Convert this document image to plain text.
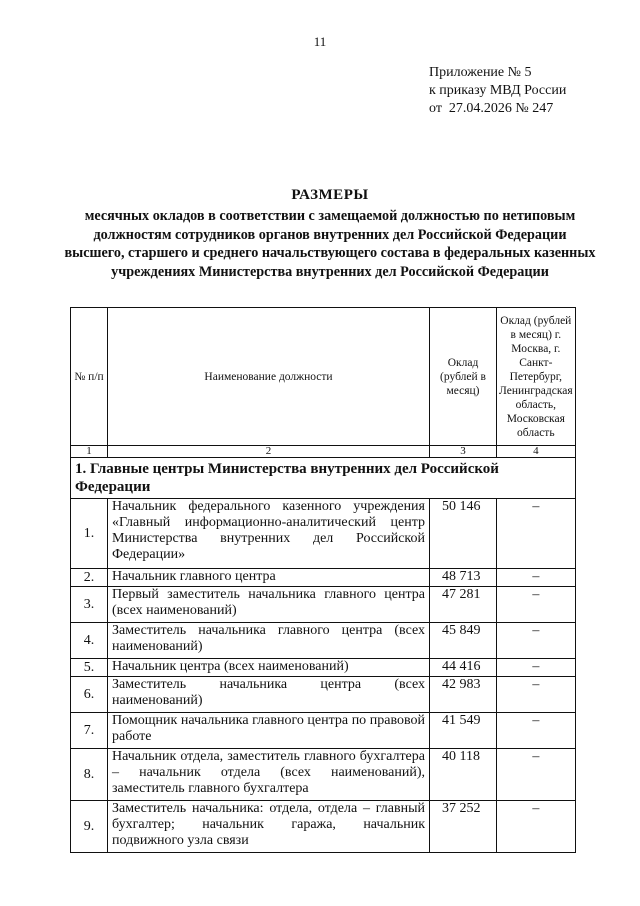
11
Приложение № 5
к приказу МВД России
от  27.04.2026 № 247
РАЗМЕРЫ
месячных окладов в соответствии с замещаемой должностью по нетиповым должностям сотрудников органов внутренних дел Российской Федерации высшего, старшего и среднего начальствующего состава в федеральных казенных учреждениях Министерства внутренних дел Российской Федерации
№ п/п	Наименование должности	Оклад (рублей в месяц)	Оклад (рублей в месяц) г. Москва, г. Санкт-Петербург, Ленинградская область, Московская область
1	2	3	4
1. Главные центры Министерства внутренних дел Российской Федерации			
1.	Начальник федерального казенного учреждения «Главный информационно-аналитический центр Министерства внутренних дел Российской Федерации»	50 146	–
2.	Начальник главного центра	48 713	–
3.	Первый заместитель начальника главного центра (всех наименований)	47 281	–
4.	Заместитель начальника главного центра (всех наименований)	45 849	–
5.	Начальник центра (всех наименований)	44 416	–
6.	Заместитель начальника центра (всех наименований)	42 983	–
7.	Помощник начальника главного центра по правовой работе	41 549	–
8.	Начальник отдела, заместитель главного бухгалтера – начальник отдела (всех наименований), заместитель главного бухгалтера	40 118	–
9.	Заместитель начальника: отдела, отдела – главный бухгалтер; начальник гаража, начальник подвижного узла связи	37 252	–
